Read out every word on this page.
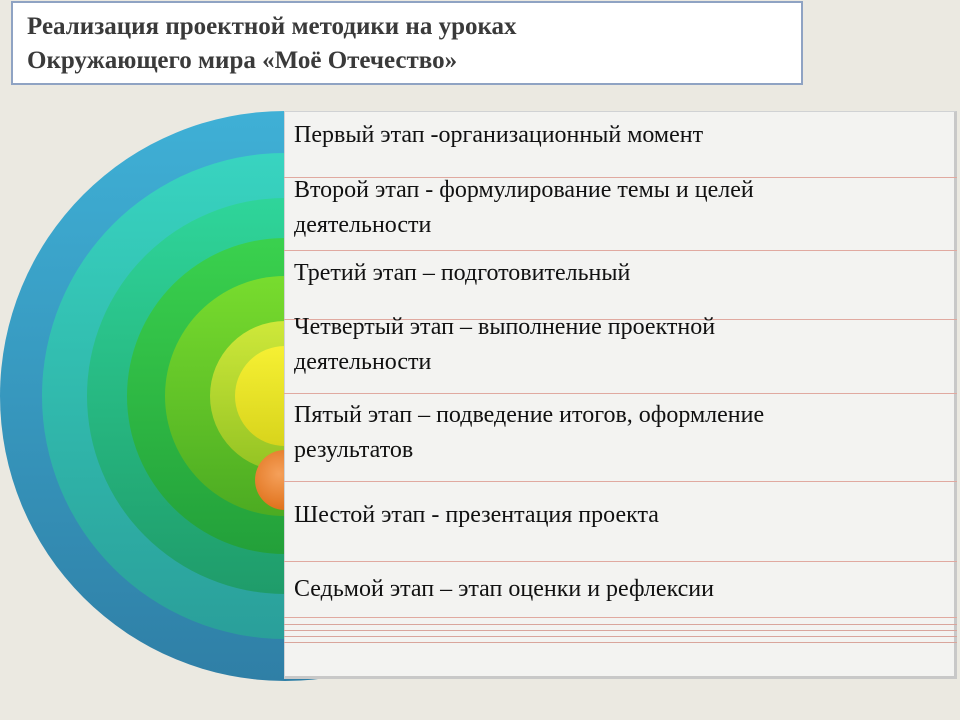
Реализация проектной методики на уроках
Окружающего мира «Моё Отечество»
Первый этап -организационный момент
Второй этап - формулирование темы и целей
деятельности
Третий этап – подготовительный
Четвертый этап – выполнение проектной
деятельности
Пятый этап – подведение итогов, оформление
результатов
Шестой этап - презентация проекта
Седьмой этап – этап оценки и рефлексии
